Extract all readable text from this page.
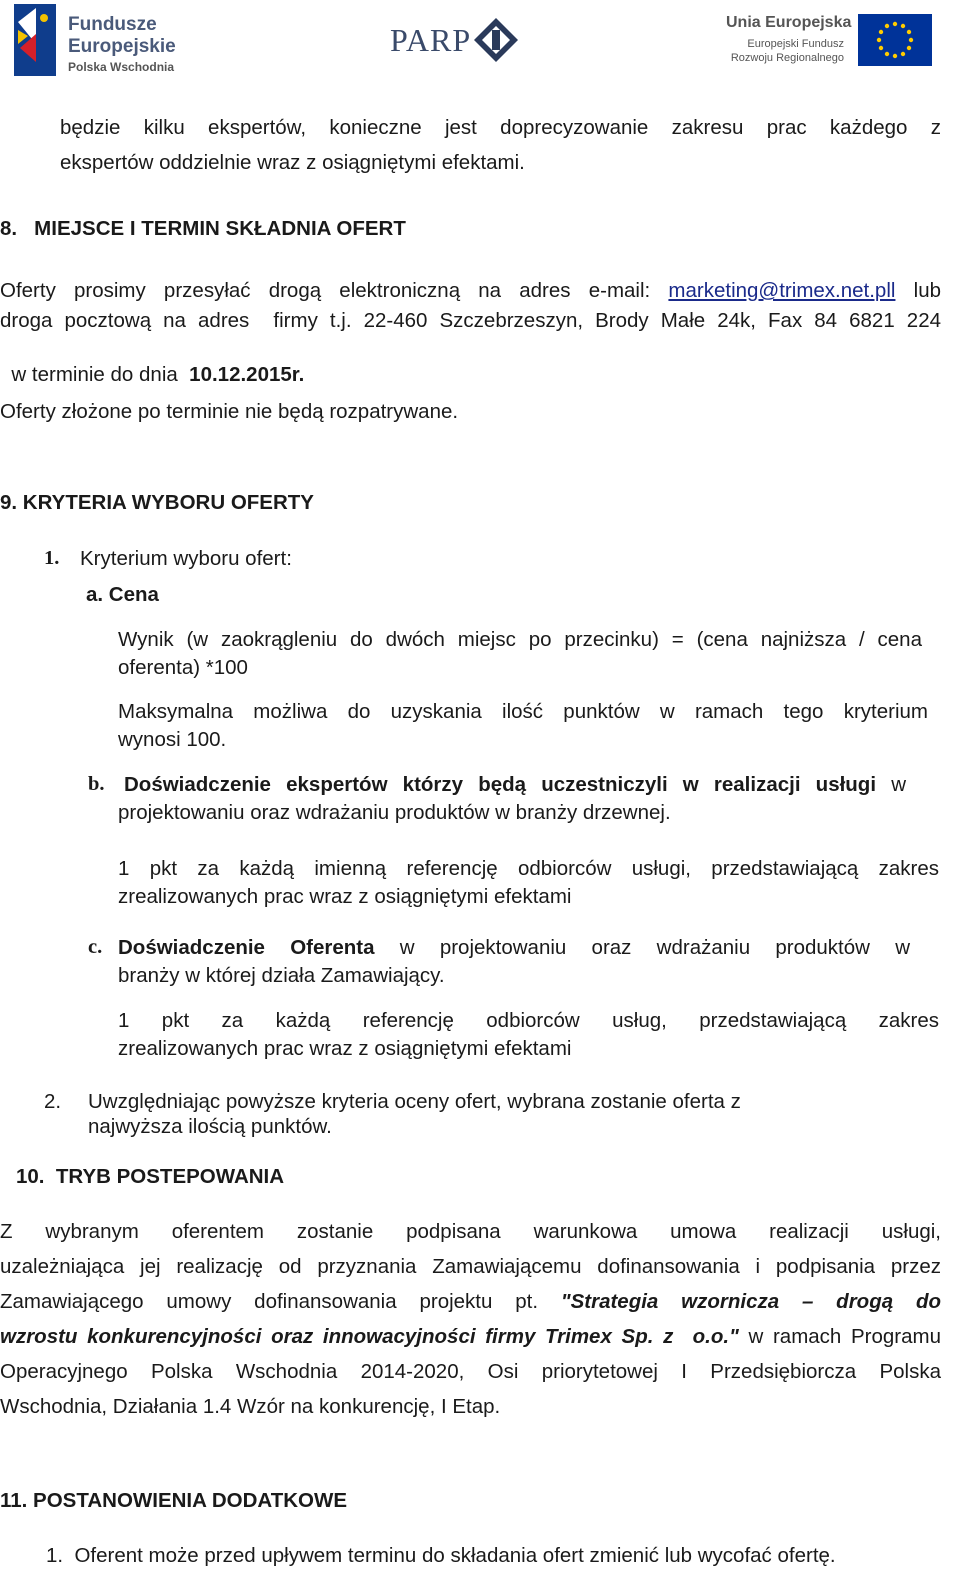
Fundusze
Europejskie
Polska Wschodnia
PARP	Unia Europejska
Europejski Fundusz
Rozwoju Regionalnego
będzie kilku ekspertów, konieczne jest doprecyzowanie zakresu prac każdego z
ekspertów oddzielnie wraz z osiągniętymi efektami.
8.   MIEJSCE I TERMIN SKŁADNIA OFERT
Oferty prosimy przesyłać drogą elektroniczną na adres e-mail: marketing@trimex.net.pll lub
droga pocztową na adres  firmy t.j. 22-460 Szczebrzeszyn, Brody Małe 24k, Fax 84 6821 224

w terminie do dnia  10.12.2015r.

Oferty złożone po terminie nie będą rozpatrywane.
9. KRYTERIA WYBORU OFERTY
1. Kryterium wyboru ofert:
a. Cena
Wynik (w zaokrągleniu do dwóch miejsc po przecinku) = (cena najniższa / cena
oferenta) *100
Maksymalna możliwa do uzyskania ilość punktów w ramach tego kryterium
wynosi 100.
b. Doświadczenie ekspertów którzy będą uczestniczyli w realizacji usługi w
projektowaniu oraz wdrażaniu produktów w branży drzewnej.
1 pkt za każdą imienną referencję odbiorców usługi, przedstawiającą zakres
zrealizowanych prac wraz z osiągniętymi efektami
c. Doświadczenie Oferenta w projektowaniu oraz wdrażaniu produktów w
branży w której działa Zamawiający.
1 pkt za każdą referencję odbiorców usług, przedstawiającą zakres
zrealizowanych prac wraz z osiągniętymi efektami
2. Uwzględniając powyższe kryteria oceny ofert, wybrana zostanie oferta z
najwyższa ilością punktów.
10.  TRYB POSTEPOWANIA
Z wybranym oferentem zostanie podpisana warunkowa umowa realizacji usługi,
uzależniająca jej realizację od przyznania Zamawiającemu dofinansowania i podpisania przez
Zamawiającego umowy dofinansowania projektu pt. "Strategia wzornicza – drogą do
wzrostu konkurencyjności oraz innowacyjności firmy Trimex Sp. z  o.o." w ramach Programu
Operacyjnego Polska Wschodnia 2014-2020, Osi priorytetowej I Przedsiębiorcza Polska
Wschodnia, Działania 1.4 Wzór na konkurencję, I Etap.
11. POSTANOWIENIA DODATKOWE
1.  Oferent może przed upływem terminu do składania ofert zmienić lub wycofać ofertę.
